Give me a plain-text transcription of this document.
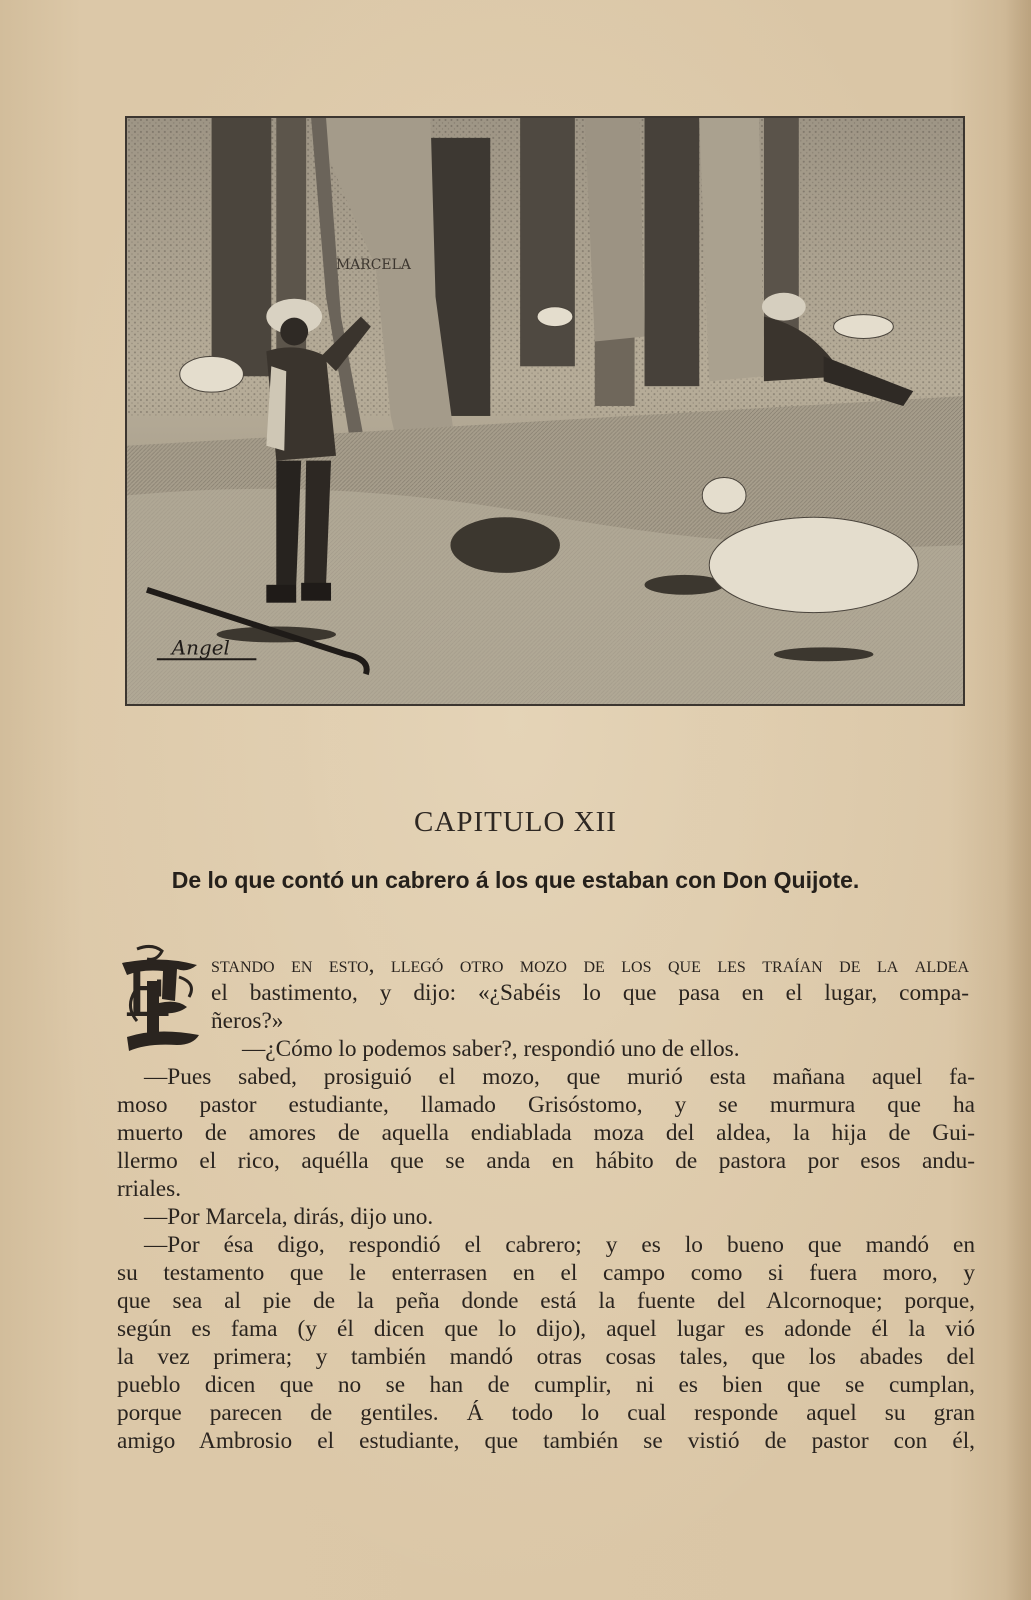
MARCELA
Angel
CAPITULO XII
De lo que contó un cabrero á los que estaban con Don Quijote.
E stando en esto, llegó otro mozo de los que les traían de la aldea
el bastimento, y dijo: «¿Sabéis lo que pasa en el lugar, compa-
ñeros?»
—¿Cómo lo podemos saber?, respondió uno de ellos.
—Pues sabed, prosiguió el mozo, que murió esta mañana aquel fa-
moso pastor estudiante, llamado Grisóstomo, y se murmura que ha
muerto de amores de aquella endiablada moza del aldea, la hija de Gui-
llermo el rico, aquélla que se anda en hábito de pastora por esos andu-
rriales.
—Por Marcela, dirás, dijo uno.
—Por ésa digo, respondió el cabrero; y es lo bueno que mandó en
su testamento que le enterrasen en el campo como si fuera moro, y
que sea al pie de la peña donde está la fuente del Alcornoque; porque,
según es fama (y él dicen que lo dijo), aquel lugar es adonde él la vió
la vez primera; y también mandó otras cosas tales, que los abades del
pueblo dicen que no se han de cumplir, ni es bien que se cumplan,
porque parecen de gentiles. Á todo lo cual responde aquel su gran
amigo Ambrosio el estudiante, que también se vistió de pastor con él,
